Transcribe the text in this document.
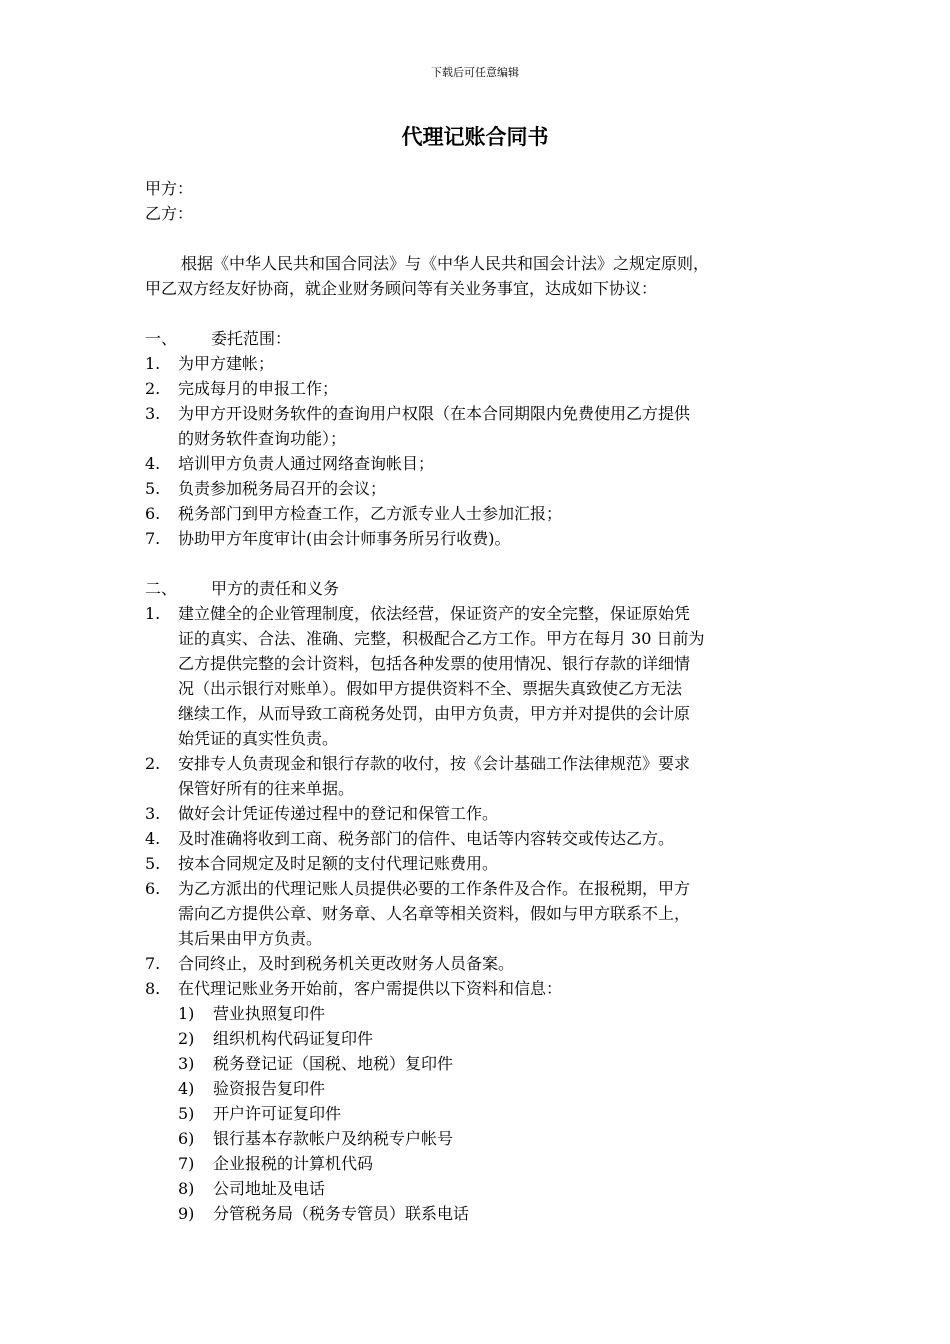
下载后可任意编辑
代理记账合同书
甲方：
乙方：
根据《中华人民共和国合同法》与《中华人民共和国会计法》之规定原则，
甲乙双方经友好协商，就企业财务顾问等有关业务事宜，达成如下协议：
一、	委托范围：
1.	为甲方建帐；
2.	完成每月的申报工作；
3.	为甲方开设财务软件的查询用户权限（在本合同期限内免费使用乙方提供
的财务软件查询功能）；
4.	培训甲方负责人通过网络查询帐目；
5.	负责参加税务局召开的会议；
6.	税务部门到甲方检查工作，乙方派专业人士参加汇报；
7.	协助甲方年度审计(由会计师事务所另行收费)。
二、	甲方的责任和义务
1.	建立健全的企业管理制度，依法经营，保证资产的安全完整，保证原始凭
证的真实、合法、准确、完整，积极配合乙方工作。甲方在每月 30 日前为
乙方提供完整的会计资料，包括各种发票的使用情况、银行存款的详细情
况（出示银行对账单）。假如甲方提供资料不全、票据失真致使乙方无法
继续工作，从而导致工商税务处罚，由甲方负责，甲方并对提供的会计原
始凭证的真实性负责。
2.	安排专人负责现金和银行存款的收付，按《会计基础工作法律规范》要求
保管好所有的往来单据。
3.	做好会计凭证传递过程中的登记和保管工作。
4.	及时准确将收到工商、税务部门的信件、电话等内容转交或传达乙方。
5.	按本合同规定及时足额的支付代理记账费用。
6.	为乙方派出的代理记账人员提供必要的工作条件及合作。在报税期，甲方
需向乙方提供公章、财务章、人名章等相关资料，假如与甲方联系不上，
其后果由甲方负责。
7.	合同终止，及时到税务机关更改财务人员备案。
8.	在代理记账业务开始前，客户需提供以下资料和信息：
1)	营业执照复印件
2)	组织机构代码证复印件
3)	税务登记证（国税、地税）复印件
4)	验资报告复印件
5)	开户许可证复印件
6)	银行基本存款帐户及纳税专户帐号
7)	企业报税的计算机代码
8)	公司地址及电话
9)	分管税务局（税务专管员）联系电话
